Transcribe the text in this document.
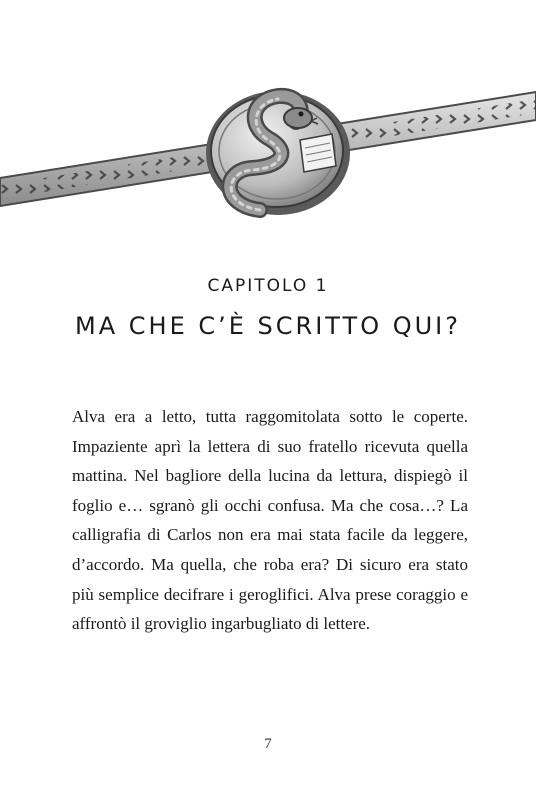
CAPITOLO 1
MA CHE C’È SCRITTO QUI?

Alva era a letto, tutta raggomitolata sotto le coperte. Impaziente aprì la lettera di suo fratello ricevuta quella mattina. Nel bagliore della lucina da lettura, dispiegò il foglio e… sgranò gli occhi confusa. Ma che cosa…? La calligrafia di Carlos non era mai stata facile da leggere, d’accordo. Ma quella, che roba era? Di sicuro era stato più semplice decifrare i geroglifici. Alva prese coraggio e affrontò il groviglio ingarbugliato di lettere.

7
